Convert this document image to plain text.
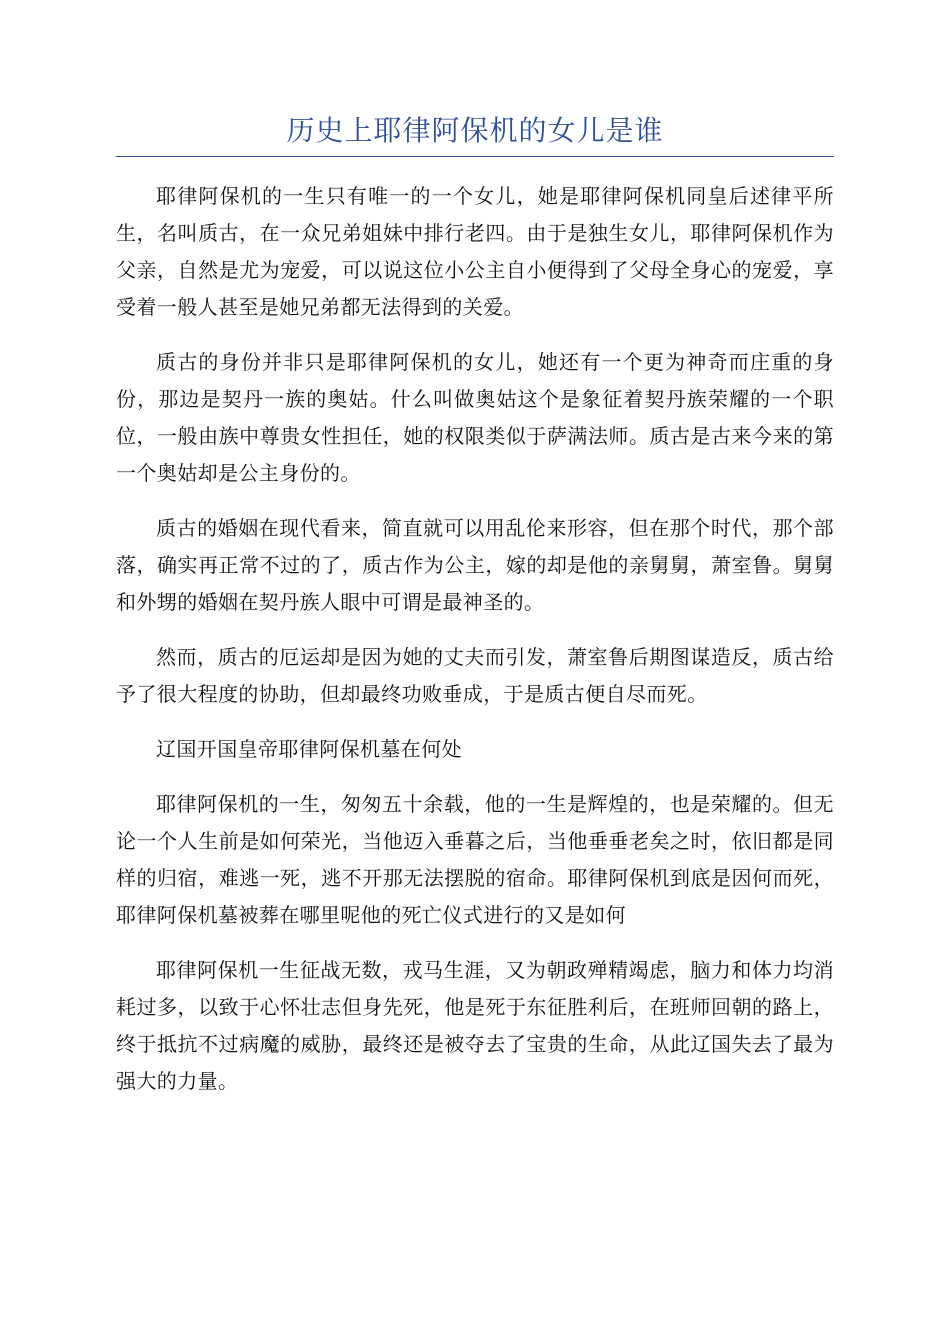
历史上耶律阿保机的女儿是谁

耶律阿保机的一生只有唯一的一个女儿，她是耶律阿保机同皇后述律平所生，名叫质古，在一众兄弟姐妹中排行老四。由于是独生女儿，耶律阿保机作为父亲，自然是尤为宠爱，可以说这位小公主自小便得到了父母全身心的宠爱，享受着一般人甚至是她兄弟都无法得到的关爱。

质古的身份并非只是耶律阿保机的女儿，她还有一个更为神奇而庄重的身份，那边是契丹一族的奥姑。什么叫做奥姑这个是象征着契丹族荣耀的一个职位，一般由族中尊贵女性担任，她的权限类似于萨满法师。质古是古来今来的第一个奥姑却是公主身份的。

质古的婚姻在现代看来，简直就可以用乱伦来形容，但在那个时代，那个部落，确实再正常不过的了，质古作为公主，嫁的却是他的亲舅舅，萧室鲁。舅舅和外甥的婚姻在契丹族人眼中可谓是最神圣的。

然而，质古的厄运却是因为她的丈夫而引发，萧室鲁后期图谋造反，质古给予了很大程度的协助，但却最终功败垂成，于是质古便自尽而死。

辽国开国皇帝耶律阿保机墓在何处

耶律阿保机的一生，匆匆五十余载，他的一生是辉煌的，也是荣耀的。但无论一个人生前是如何荣光，当他迈入垂暮之后，当他垂垂老矣之时，依旧都是同样的归宿，难逃一死，逃不开那无法摆脱的宿命。耶律阿保机到底是因何而死，耶律阿保机墓被葬在哪里呢他的死亡仪式进行的又是如何

耶律阿保机一生征战无数，戎马生涯，又为朝政殚精竭虑，脑力和体力均消耗过多，以致于心怀壮志但身先死，他是死于东征胜利后，在班师回朝的路上，终于抵抗不过病魔的威胁，最终还是被夺去了宝贵的生命，从此辽国失去了最为强大的力量。
